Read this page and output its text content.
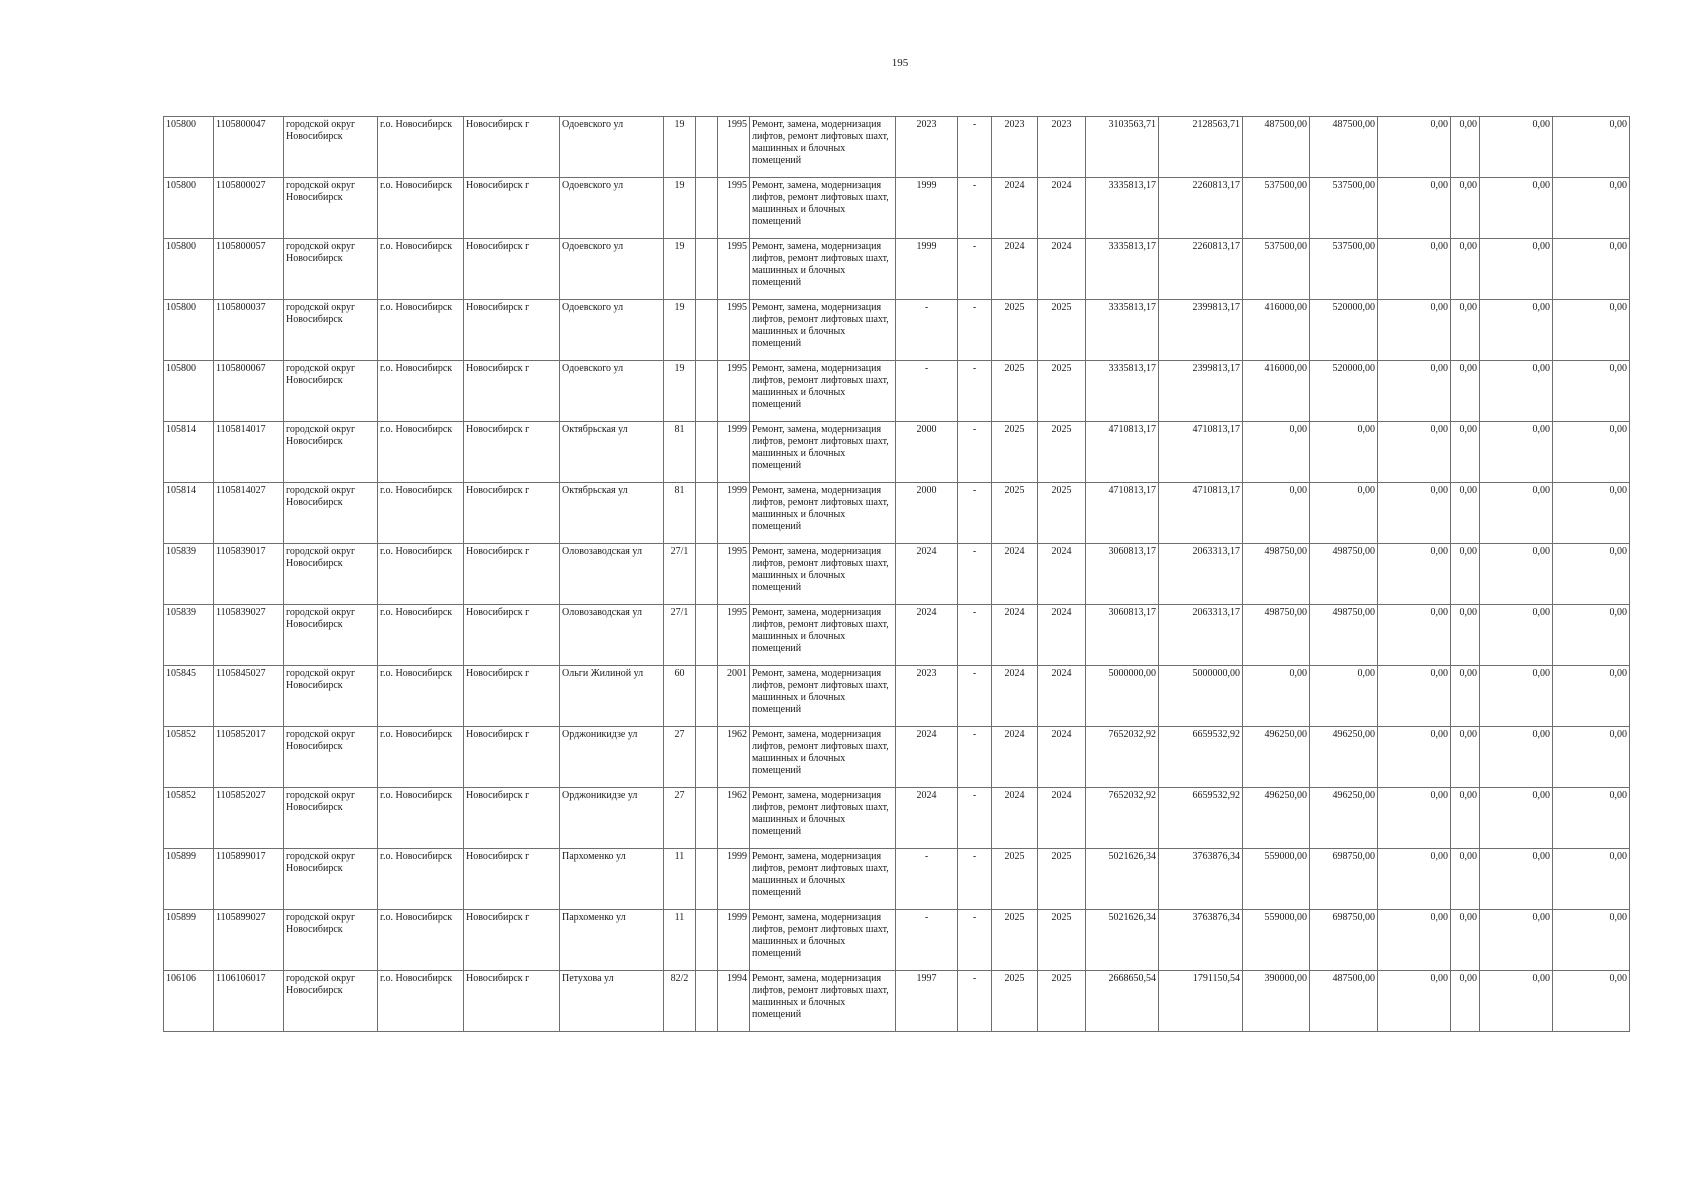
195
105800	1105800047	городской округ Новосибирск	г.о. Новосибирск	Новосибирск г	Одоевского ул	19		1995	Ремонт, замена, модернизация лифтов, ремонт лифтовых шахт, машинных и блочных помещений	2023	-	2023	2023	3103563,71	2128563,71	487500,00	487500,00	0,00	0,00	0,00	0,00
105800	1105800027	городской округ Новосибирск	г.о. Новосибирск	Новосибирск г	Одоевского ул	19		1995	Ремонт, замена, модернизация лифтов, ремонт лифтовых шахт, машинных и блочных помещений	1999	-	2024	2024	3335813,17	2260813,17	537500,00	537500,00	0,00	0,00	0,00	0,00
105800	1105800057	городской округ Новосибирск	г.о. Новосибирск	Новосибирск г	Одоевского ул	19		1995	Ремонт, замена, модернизация лифтов, ремонт лифтовых шахт, машинных и блочных помещений	1999	-	2024	2024	3335813,17	2260813,17	537500,00	537500,00	0,00	0,00	0,00	0,00
105800	1105800037	городской округ Новосибирск	г.о. Новосибирск	Новосибирск г	Одоевского ул	19		1995	Ремонт, замена, модернизация лифтов, ремонт лифтовых шахт, машинных и блочных помещений	-	-	2025	2025	3335813,17	2399813,17	416000,00	520000,00	0,00	0,00	0,00	0,00
105800	1105800067	городской округ Новосибирск	г.о. Новосибирск	Новосибирск г	Одоевского ул	19		1995	Ремонт, замена, модернизация лифтов, ремонт лифтовых шахт, машинных и блочных помещений	-	-	2025	2025	3335813,17	2399813,17	416000,00	520000,00	0,00	0,00	0,00	0,00
105814	1105814017	городской округ Новосибирск	г.о. Новосибирск	Новосибирск г	Октябрьская ул	81		1999	Ремонт, замена, модернизация лифтов, ремонт лифтовых шахт, машинных и блочных помещений	2000	-	2025	2025	4710813,17	4710813,17	0,00	0,00	0,00	0,00	0,00	0,00
105814	1105814027	городской округ Новосибирск	г.о. Новосибирск	Новосибирск г	Октябрьская ул	81		1999	Ремонт, замена, модернизация лифтов, ремонт лифтовых шахт, машинных и блочных помещений	2000	-	2025	2025	4710813,17	4710813,17	0,00	0,00	0,00	0,00	0,00	0,00
105839	1105839017	городской округ Новосибирск	г.о. Новосибирск	Новосибирск г	Оловозаводская ул	27/1		1995	Ремонт, замена, модернизация лифтов, ремонт лифтовых шахт, машинных и блочных помещений	2024	-	2024	2024	3060813,17	2063313,17	498750,00	498750,00	0,00	0,00	0,00	0,00
105839	1105839027	городской округ Новосибирск	г.о. Новосибирск	Новосибирск г	Оловозаводская ул	27/1		1995	Ремонт, замена, модернизация лифтов, ремонт лифтовых шахт, машинных и блочных помещений	2024	-	2024	2024	3060813,17	2063313,17	498750,00	498750,00	0,00	0,00	0,00	0,00
105845	1105845027	городской округ Новосибирск	г.о. Новосибирск	Новосибирск г	Ольги Жилиной ул	60		2001	Ремонт, замена, модернизация лифтов, ремонт лифтовых шахт, машинных и блочных помещений	2023	-	2024	2024	5000000,00	5000000,00	0,00	0,00	0,00	0,00	0,00	0,00
105852	1105852017	городской округ Новосибирск	г.о. Новосибирск	Новосибирск г	Орджоникидзе ул	27		1962	Ремонт, замена, модернизация лифтов, ремонт лифтовых шахт, машинных и блочных помещений	2024	-	2024	2024	7652032,92	6659532,92	496250,00	496250,00	0,00	0,00	0,00	0,00
105852	1105852027	городской округ Новосибирск	г.о. Новосибирск	Новосибирск г	Орджоникидзе ул	27		1962	Ремонт, замена, модернизация лифтов, ремонт лифтовых шахт, машинных и блочных помещений	2024	-	2024	2024	7652032,92	6659532,92	496250,00	496250,00	0,00	0,00	0,00	0,00
105899	1105899017	городской округ Новосибирск	г.о. Новосибирск	Новосибирск г	Пархоменко ул	11		1999	Ремонт, замена, модернизация лифтов, ремонт лифтовых шахт, машинных и блочных помещений	-	-	2025	2025	5021626,34	3763876,34	559000,00	698750,00	0,00	0,00	0,00	0,00
105899	1105899027	городской округ Новосибирск	г.о. Новосибирск	Новосибирск г	Пархоменко ул	11		1999	Ремонт, замена, модернизация лифтов, ремонт лифтовых шахт, машинных и блочных помещений	-	-	2025	2025	5021626,34	3763876,34	559000,00	698750,00	0,00	0,00	0,00	0,00
106106	1106106017	городской округ Новосибирск	г.о. Новосибирск	Новосибирск г	Петухова ул	82/2		1994	Ремонт, замена, модернизация лифтов, ремонт лифтовых шахт, машинных и блочных помещений	1997	-	2025	2025	2668650,54	1791150,54	390000,00	487500,00	0,00	0,00	0,00	0,00
